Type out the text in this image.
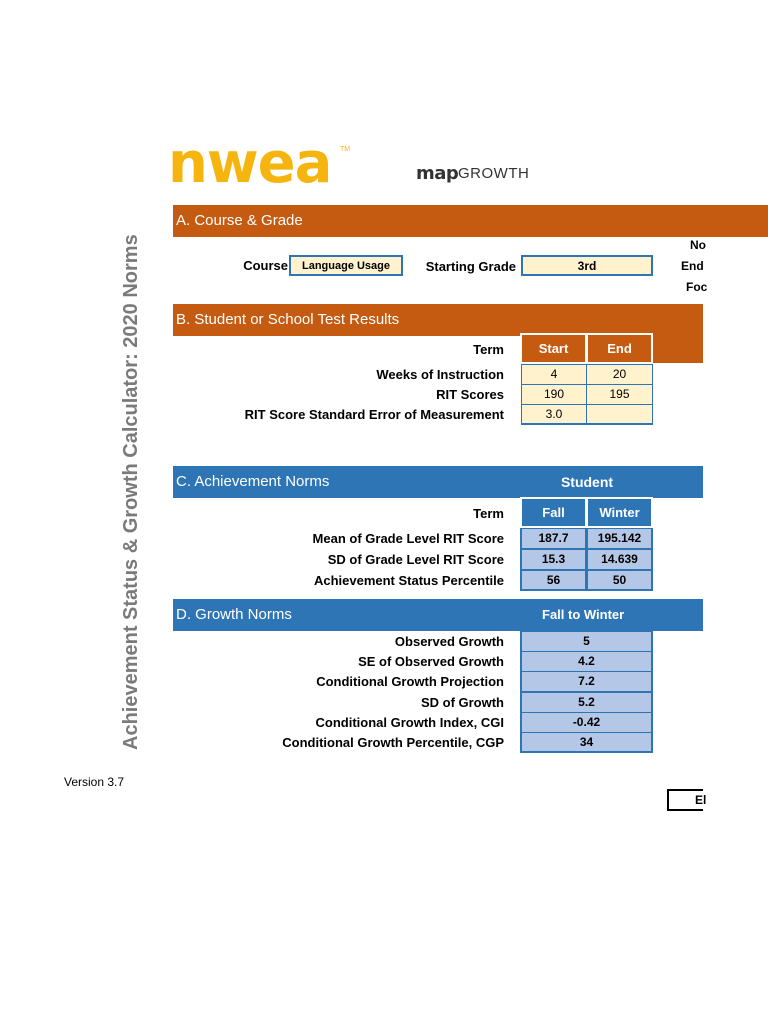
nwea TM
map GROWTH
Achievement Status & Growth Calculator: 2020 Norms
Version 3.7
A. Course & Grade
Course	Language Usage	Starting Grade	3rd
No
End
Foc
B. Student or School Test Results
Term	Start	End
Weeks of Instruction	4	20
RIT Scores	190	195
RIT Score Standard Error of Measurement	3.0
C. Achievement Norms	Student
Term	Fall	Winter
Mean of Grade Level RIT Score	187.7	195.142
SD of Grade Level RIT Score	15.3	14.639
Achievement Status Percentile	56	50
D. Growth Norms	Fall to Winter
Observed Growth	5
SE of Observed Growth	4.2
Conditional Growth Projection	7.2
SD of Growth	5.2
Conditional Growth Index, CGI	-0.42
Conditional Growth Percentile, CGP	34
El
